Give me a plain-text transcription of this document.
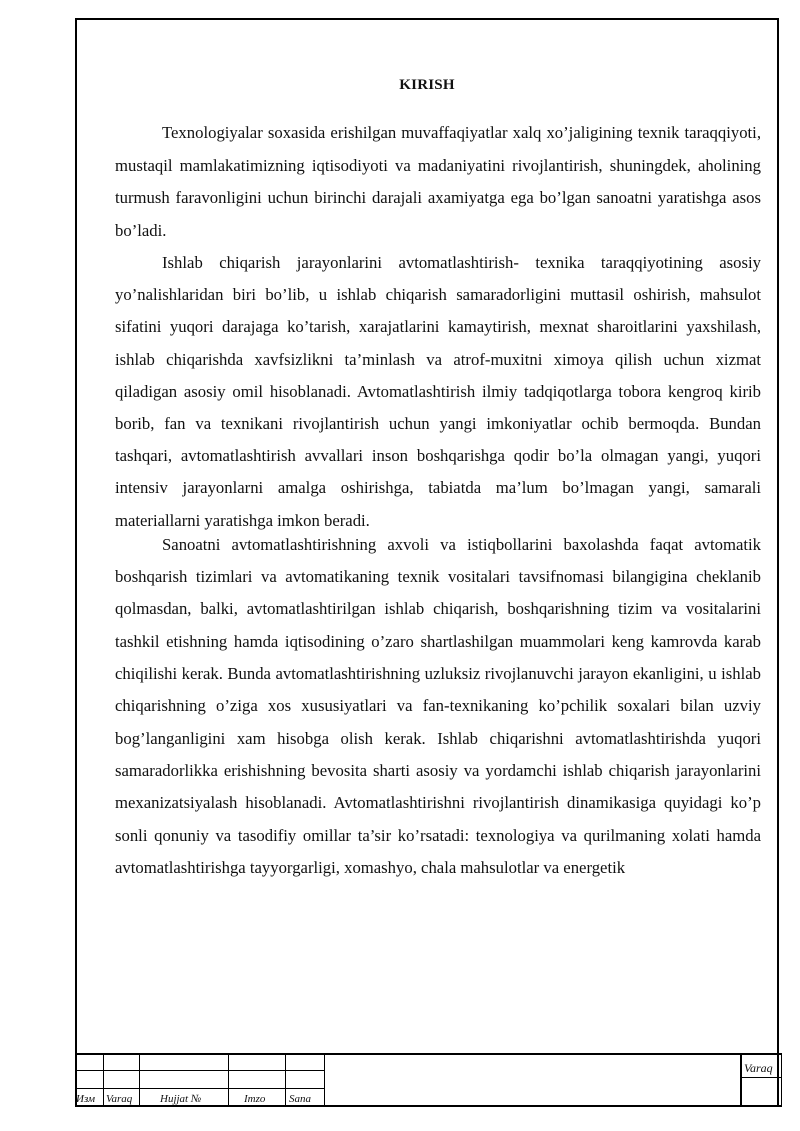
KIRISH

Texnologiyalar soxasida erishilgan muvaffaqiyatlar xalq xo’jaligining texnik taraqqiyoti, mustaqil mamlakatimizning iqtisodiyoti va madaniyatini rivojlantirish, shuningdek, aholining turmush faravonligini uchun birinchi darajali axamiyatga ega bo’lgan sanoatni yaratishga asos bo’ladi.

Ishlab chiqarish jarayonlarini avtomatlashtirish- texnika taraqqiyotining asosiy yo’nalishlaridan biri bo’lib, u ishlab chiqarish samaradorligini muttasil oshirish, mahsulot sifatini yuqori darajaga ko’tarish, xarajatlarini kamaytirish, mexnat sharoitlarini yaxshilash, ishlab chiqarishda xavfsizlikni ta’minlash va atrof-muxitni ximoya qilish uchun xizmat qiladigan asosiy omil hisoblanadi. Avtomatlashtirish ilmiy tadqiqotlarga tobora kengroq kirib borib, fan va texnikani rivojlantirish uchun yangi imkoniyatlar ochib bermoqda. Bundan tashqari, avtomatlashtirish avvallari inson boshqarishga qodir bo’la olmagan yangi, yuqori intensiv jarayonlarni amalga oshirishga, tabiatda ma’lum bo’lmagan yangi, samarali materiallarni yaratishga imkon beradi.

Sanoatni avtomatlashtirishning axvoli va istiqbollarini baxolashda faqat avtomatik boshqarish tizimlari va avtomatikaning texnik vositalari tavsifnomasi bilangigina cheklanib qolmasdan, balki, avtomatlashtirilgan ishlab chiqarish, boshqarishning tizim va vositalarini tashkil etishning hamda iqtisodining o’zaro shartlashilgan muammolari keng kamrovda karab chiqilishi kerak. Bunda avtomatlashtirishning uzluksiz rivojlanuvchi jarayon ekanligini, u ishlab chiqarishning o’ziga xos xususiyatlari va fan-texnikaning ko’pchilik soxalari bilan uzviy bog’langanligini xam hisobga olish kerak. Ishlab chiqarishni avtomatlashtirishda yuqori samaradorlikka erishishning bevosita sharti asosiy va yordamchi ishlab chiqarish jarayonlarini mexanizatsiyalash hisoblanadi. Avtomatlashtirishni rivojlantirish dinamikasiga quyidagi ko’p sonli qonuniy va tasodifiy omillar ta’sir ko’rsatadi: texnologiya va qurilmaning xolati hamda avtomatlashtirishga tayyorgarligi, xomashyo, chala mahsulotlar va energetik

Изм Varaq	Hujjat №	Imzo Sana
Varaq
